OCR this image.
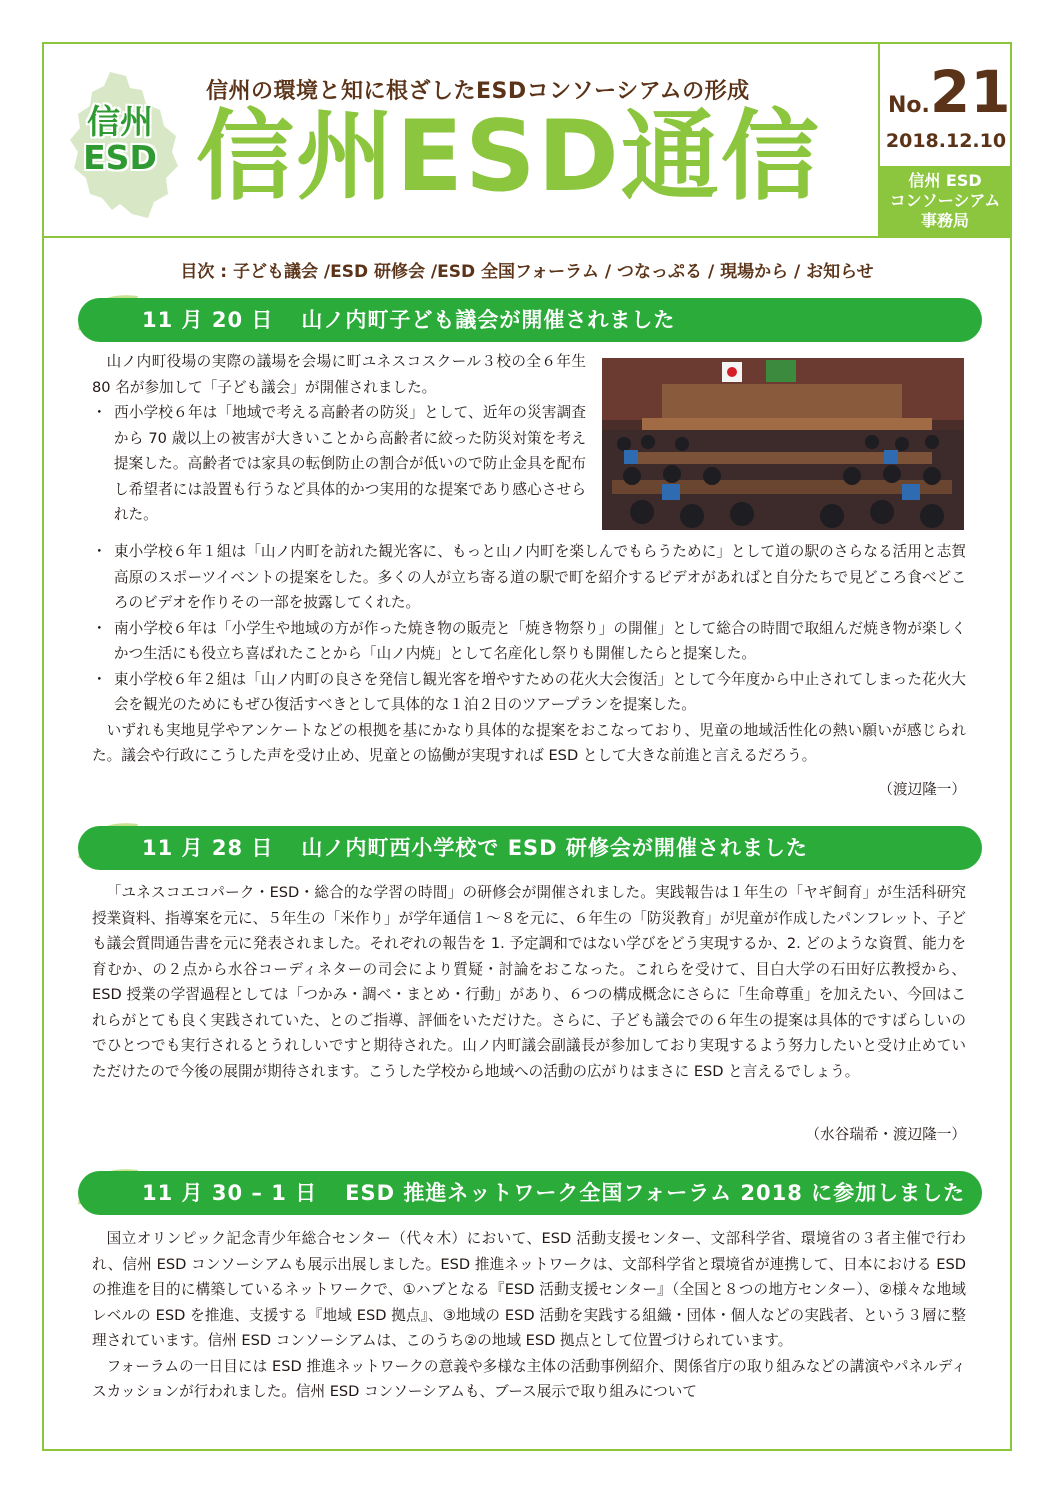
信州
ESD
信州の環境と知に根ざしたESDコンソーシアムの形成
信州ESD通信	No.21
2018.12.10
信州 ESD
コンソーシアム
事務局
目次 : 子ども議会 /ESD 研修会 /ESD 全国フォーラム / つなっぷる / 現場から / お知らせ
11 月 20 日 山ノ内町子ども議会が開催されました

山ノ内町役場の実際の議場を会場に町ユネスコスクール３校の全６年生 80 名が参加して「子ども議会」が開催されました。

・ 西小学校６年は「地域で考える高齢者の防災」として、近年の災害調査から 70 歳以上の被害が大きいことから高齢者に絞った防災対策を考え提案した。高齢者では家具の転倒防止の割合が低いので防止金具を配布し希望者には設置も行うなど具体的かつ実用的な提案であり感心させられた。
・ 東小学校６年１組は「山ノ内町を訪れた観光客に、もっと山ノ内町を楽しんでもらうために」として道の駅のさらなる活用と志賀高原のスポーツイベントの提案をした。多くの人が立ち寄る道の駅で町を紹介するビデオがあればと自分たちで見どころ食べどころのビデオを作りその一部を披露してくれた。
・ 南小学校６年は「小学生や地域の方が作った焼き物の販売と「焼き物祭り」の開催」として総合の時間で取組んだ焼き物が楽しくかつ生活にも役立ち喜ばれたことから「山ノ内焼」として名産化し祭りも開催したらと提案した。
・ 東小学校６年２組は「山ノ内町の良さを発信し観光客を増やすための花火大会復活」として今年度から中止されてしまった花火大会を観光のためにもぜひ復活すべきとして具体的な１泊２日のツアープランを提案した。

いずれも実地見学やアンケートなどの根拠を基にかなり具体的な提案をおこなっており、児童の地域活性化の熱い願いが感じられた。議会や行政にこうした声を受け止め、児童との協働が実現すれば ESD として大きな前進と言えるだろう。

（渡辺隆一）
11 月 28 日 山ノ内町西小学校で ESD 研修会が開催されました

「ユネスコエコパーク・ESD・総合的な学習の時間」の研修会が開催されました。実践報告は１年生の「ヤギ飼育」が生活科研究授業資料、指導案を元に、５年生の「米作り」が学年通信１～８を元に、６年生の「防災教育」が児童が作成したパンフレット、子ども議会質問通告書を元に発表されました。それぞれの報告を 1. 予定調和ではない学びをどう実現するか、2. どのような資質、能力を育むか、の２点から水谷コーディネターの司会により質疑・討論をおこなった。これらを受けて、目白大学の石田好広教授から、ESD 授業の学習過程としては「つかみ・調べ・まとめ・行動」があり、６つの構成概念にさらに「生命尊重」を加えたい、今回はこれらがとても良く実践されていた、とのご指導、評価をいただけた。さらに、子ども議会での６年生の提案は具体的ですばらしいのでひとつでも実行されるとうれしいですと期待された。山ノ内町議会副議長が参加しており実現するよう努力したいと受け止めていただけたので今後の展開が期待されます。こうした学校から地域への活動の広がりはまさに ESD と言えるでしょう。

（水谷瑞希・渡辺隆一）
11 月 30 – 1 日 ESD 推進ネットワーク全国フォーラム 2018 に参加しました

国立オリンピック記念青少年総合センター（代々木）において、ESD 活動支援センター、文部科学省、環境省の３者主催で行われ、信州 ESD コンソーシアムも展示出展しました。ESD 推進ネットワークは、文部科学省と環境省が連携して、日本における ESD の推進を目的に構築しているネットワークで、①ハブとなる『ESD 活動支援センター』（全国と８つの地方センター）、②様々な地域レベルの ESD を推進、支援する『地域 ESD 拠点』、③地域の ESD 活動を実践する組織・団体・個人などの実践者、という３層に整理されています。信州 ESD コンソーシアムは、このうち②の地域 ESD 拠点として位置づけられています。

フォーラムの一日目には ESD 推進ネットワークの意義や多様な主体の活動事例紹介、関係省庁の取り組みなどの講演やパネルディスカッションが行われました。信州 ESD コンソーシアムも、ブース展示で取り組みについて
